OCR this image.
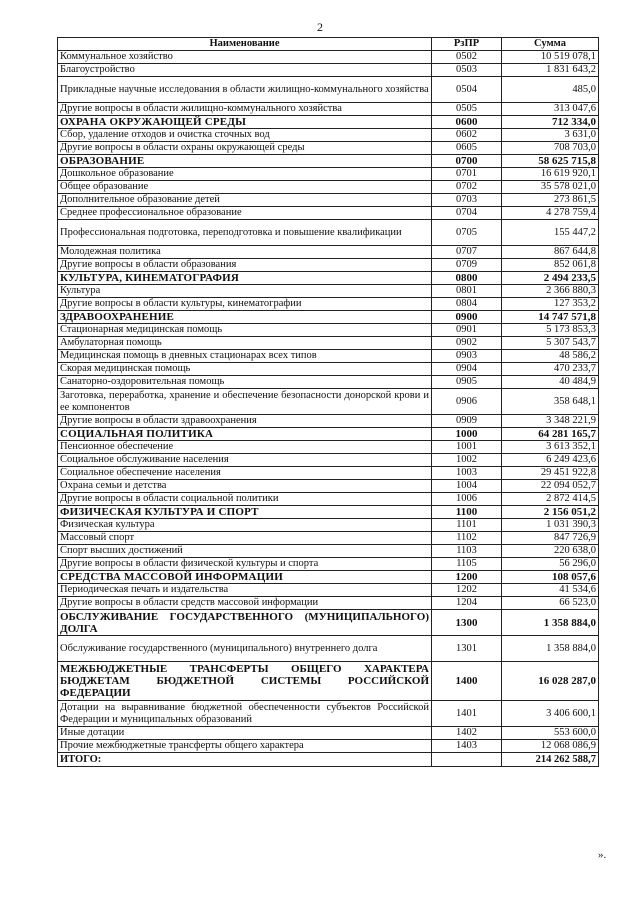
2
Наименование	РзПР	Сумма
Коммунальное хозяйство	0502	10 519 078,1
Благоустройство	0503	1 831 643,2
Прикладные научные исследования в области жилищно-коммунального хозяйства	0504	485,0
Другие вопросы в области жилищно-коммунального хозяйства	0505	313 047,6
ОХРАНА ОКРУЖАЮЩЕЙ СРЕДЫ	0600	712 334,0
Сбор, удаление отходов и очистка сточных вод	0602	3 631,0
Другие вопросы в области охраны окружающей среды	0605	708 703,0
ОБРАЗОВАНИЕ	0700	58 625 715,8
Дошкольное образование	0701	16 619 920,1
Общее образование	0702	35 578 021,0
Дополнительное образование детей	0703	273 861,5
Среднее профессиональное образование	0704	4 278 759,4
Профессиональная подготовка, переподготовка и повышение квалификации	0705	155 447,2
Молодежная политика	0707	867 644,8
Другие вопросы в области образования	0709	852 061,8
КУЛЬТУРА, КИНЕМАТОГРАФИЯ	0800	2 494 233,5
Культура	0801	2 366 880,3
Другие вопросы в области культуры, кинематографии	0804	127 353,2
ЗДРАВООХРАНЕНИЕ	0900	14 747 571,8
Стационарная медицинская помощь	0901	5 173 853,3
Амбулаторная помощь	0902	5 307 543,7
Медицинская помощь в дневных стационарах всех типов	0903	48 586,2
Скорая медицинская помощь	0904	470 233,7
Санаторно-оздоровительная помощь	0905	40 484,9
Заготовка, переработка, хранение и обеспечение безопасности донорской крови и ее компонентов	0906	358 648,1
Другие вопросы в области здравоохранения	0909	3 348 221,9
СОЦИАЛЬНАЯ ПОЛИТИКА	1000	64 281 165,7
Пенсионное обеспечение	1001	3 613 352,1
Социальное обслуживание населения	1002	6 249 423,6
Социальное обеспечение населения	1003	29 451 922,8
Охрана семьи и детства	1004	22 094 052,7
Другие вопросы в области социальной политики	1006	2 872 414,5
ФИЗИЧЕСКАЯ КУЛЬТУРА И СПОРТ	1100	2 156 051,2
Физическая культура	1101	1 031 390,3
Массовый спорт	1102	847 726,9
Спорт высших достижений	1103	220 638,0
Другие вопросы в области физической культуры и спорта	1105	56 296,0
СРЕДСТВА МАССОВОЙ ИНФОРМАЦИИ	1200	108 057,6
Периодическая печать и издательства	1202	41 534,6
Другие вопросы в области средств массовой информации	1204	66 523,0
ОБСЛУЖИВАНИЕ ГОСУДАРСТВЕННОГО (МУНИЦИПАЛЬНОГО) ДОЛГА	1300	1 358 884,0
Обслуживание государственного (муниципального) внутреннего долга	1301	1 358 884,0
МЕЖБЮДЖЕТНЫЕ ТРАНСФЕРТЫ ОБЩЕГО ХАРАКТЕРА БЮДЖЕТАМ БЮДЖЕТНОЙ СИСТЕМЫ РОССИЙСКОЙ ФЕДЕРАЦИИ	1400	16 028 287,0
Дотации на выравнивание бюджетной обеспеченности субъектов Российской Федерации и муниципальных образований	1401	3 406 600,1
Иные дотации	1402	553 600,0
Прочие межбюджетные трансферты общего характера	1403	12 068 086,9
ИТОГО:		214 262 588,7
».
